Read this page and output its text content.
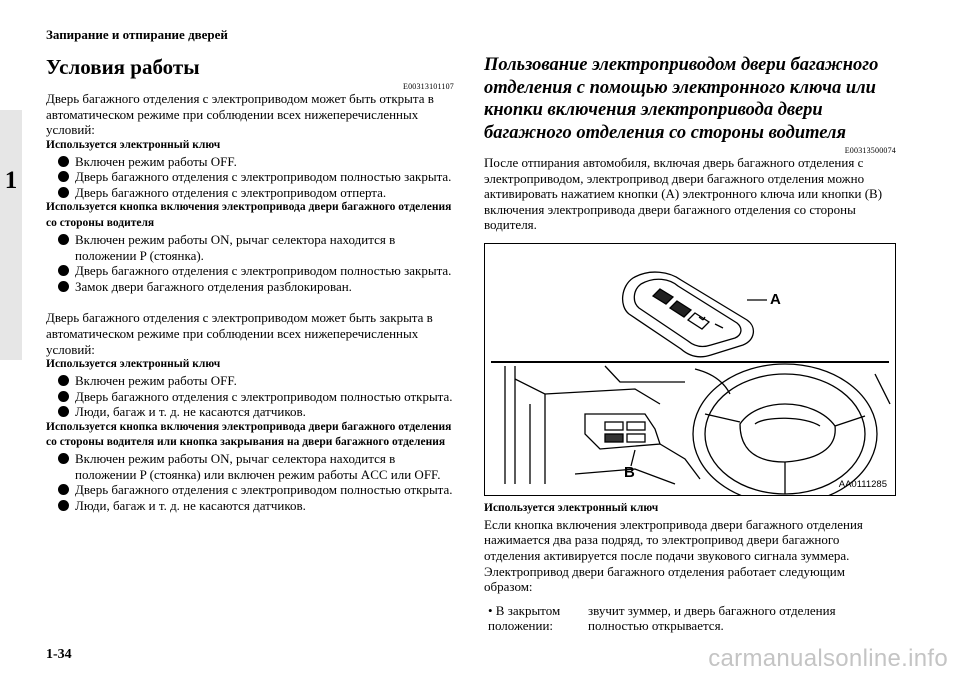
Запирание и отпирание дверей
1
Условия работы
E00313101107

Дверь багажного отделения с электроприводом может быть открыта в автоматическом режиме при соблюдении всех нижеперечисленных условий:

Используется электронный ключ

Включен режим работы OFF.
Дверь багажного отделения с электроприводом полностью закрыта.
Дверь багажного отделения с электроприводом отперта.

Используется кнопка включения электропривода двери багажного отделения со стороны водителя

Включен режим работы ON, рычаг селектора находится в положении P (стоянка).
Дверь багажного отделения с электроприводом полностью закрыта.
Замок двери багажного отделения разблокирован.

Дверь багажного отделения с электроприводом может быть закрыта в автоматическом режиме при соблюдении всех нижеперечисленных условий:

Используется электронный ключ

Включен режим работы OFF.
Дверь багажного отделения с электроприводом полностью открыта.
Люди, багаж и т. д. не касаются датчиков.

Используется кнопка включения электропривода двери багажного отделения со стороны водителя или кнопка закрывания на двери багажного отделения

Включен режим работы ON, рычаг селектора находится в положении P (стоянка) или включен режим работы ACC или OFF.
Дверь багажного отделения с электроприводом полностью открыта.
Люди, багаж и т. д. не касаются датчиков.
Пользование электроприводом двери багажного отделения с помощью электронного ключа или кнопки включения электропривода двери багажного отделения со стороны водителя
E00313500074

После отпирания автомобиля, включая дверь багажного отделения с электроприводом, электропривод двери багажного отделения можно активировать нажатием кнопки (A) электронного ключа или кнопки (B) включения электропривода двери багажного отделения со стороны водителя.

A
B
AA0111285

Используется электронный ключ

Если кнопка включения электропривода двери багажного отделения нажимается два раза подряд, то электропривод двери багажного отделения активируется после подачи звукового сигнала зуммера. Электропривод двери багажного отделения работает следующим образом:

• В закрытом положении:
звучит зуммер, и дверь багажного отделения полностью открывается.
1-34	carmanualsonline.info
